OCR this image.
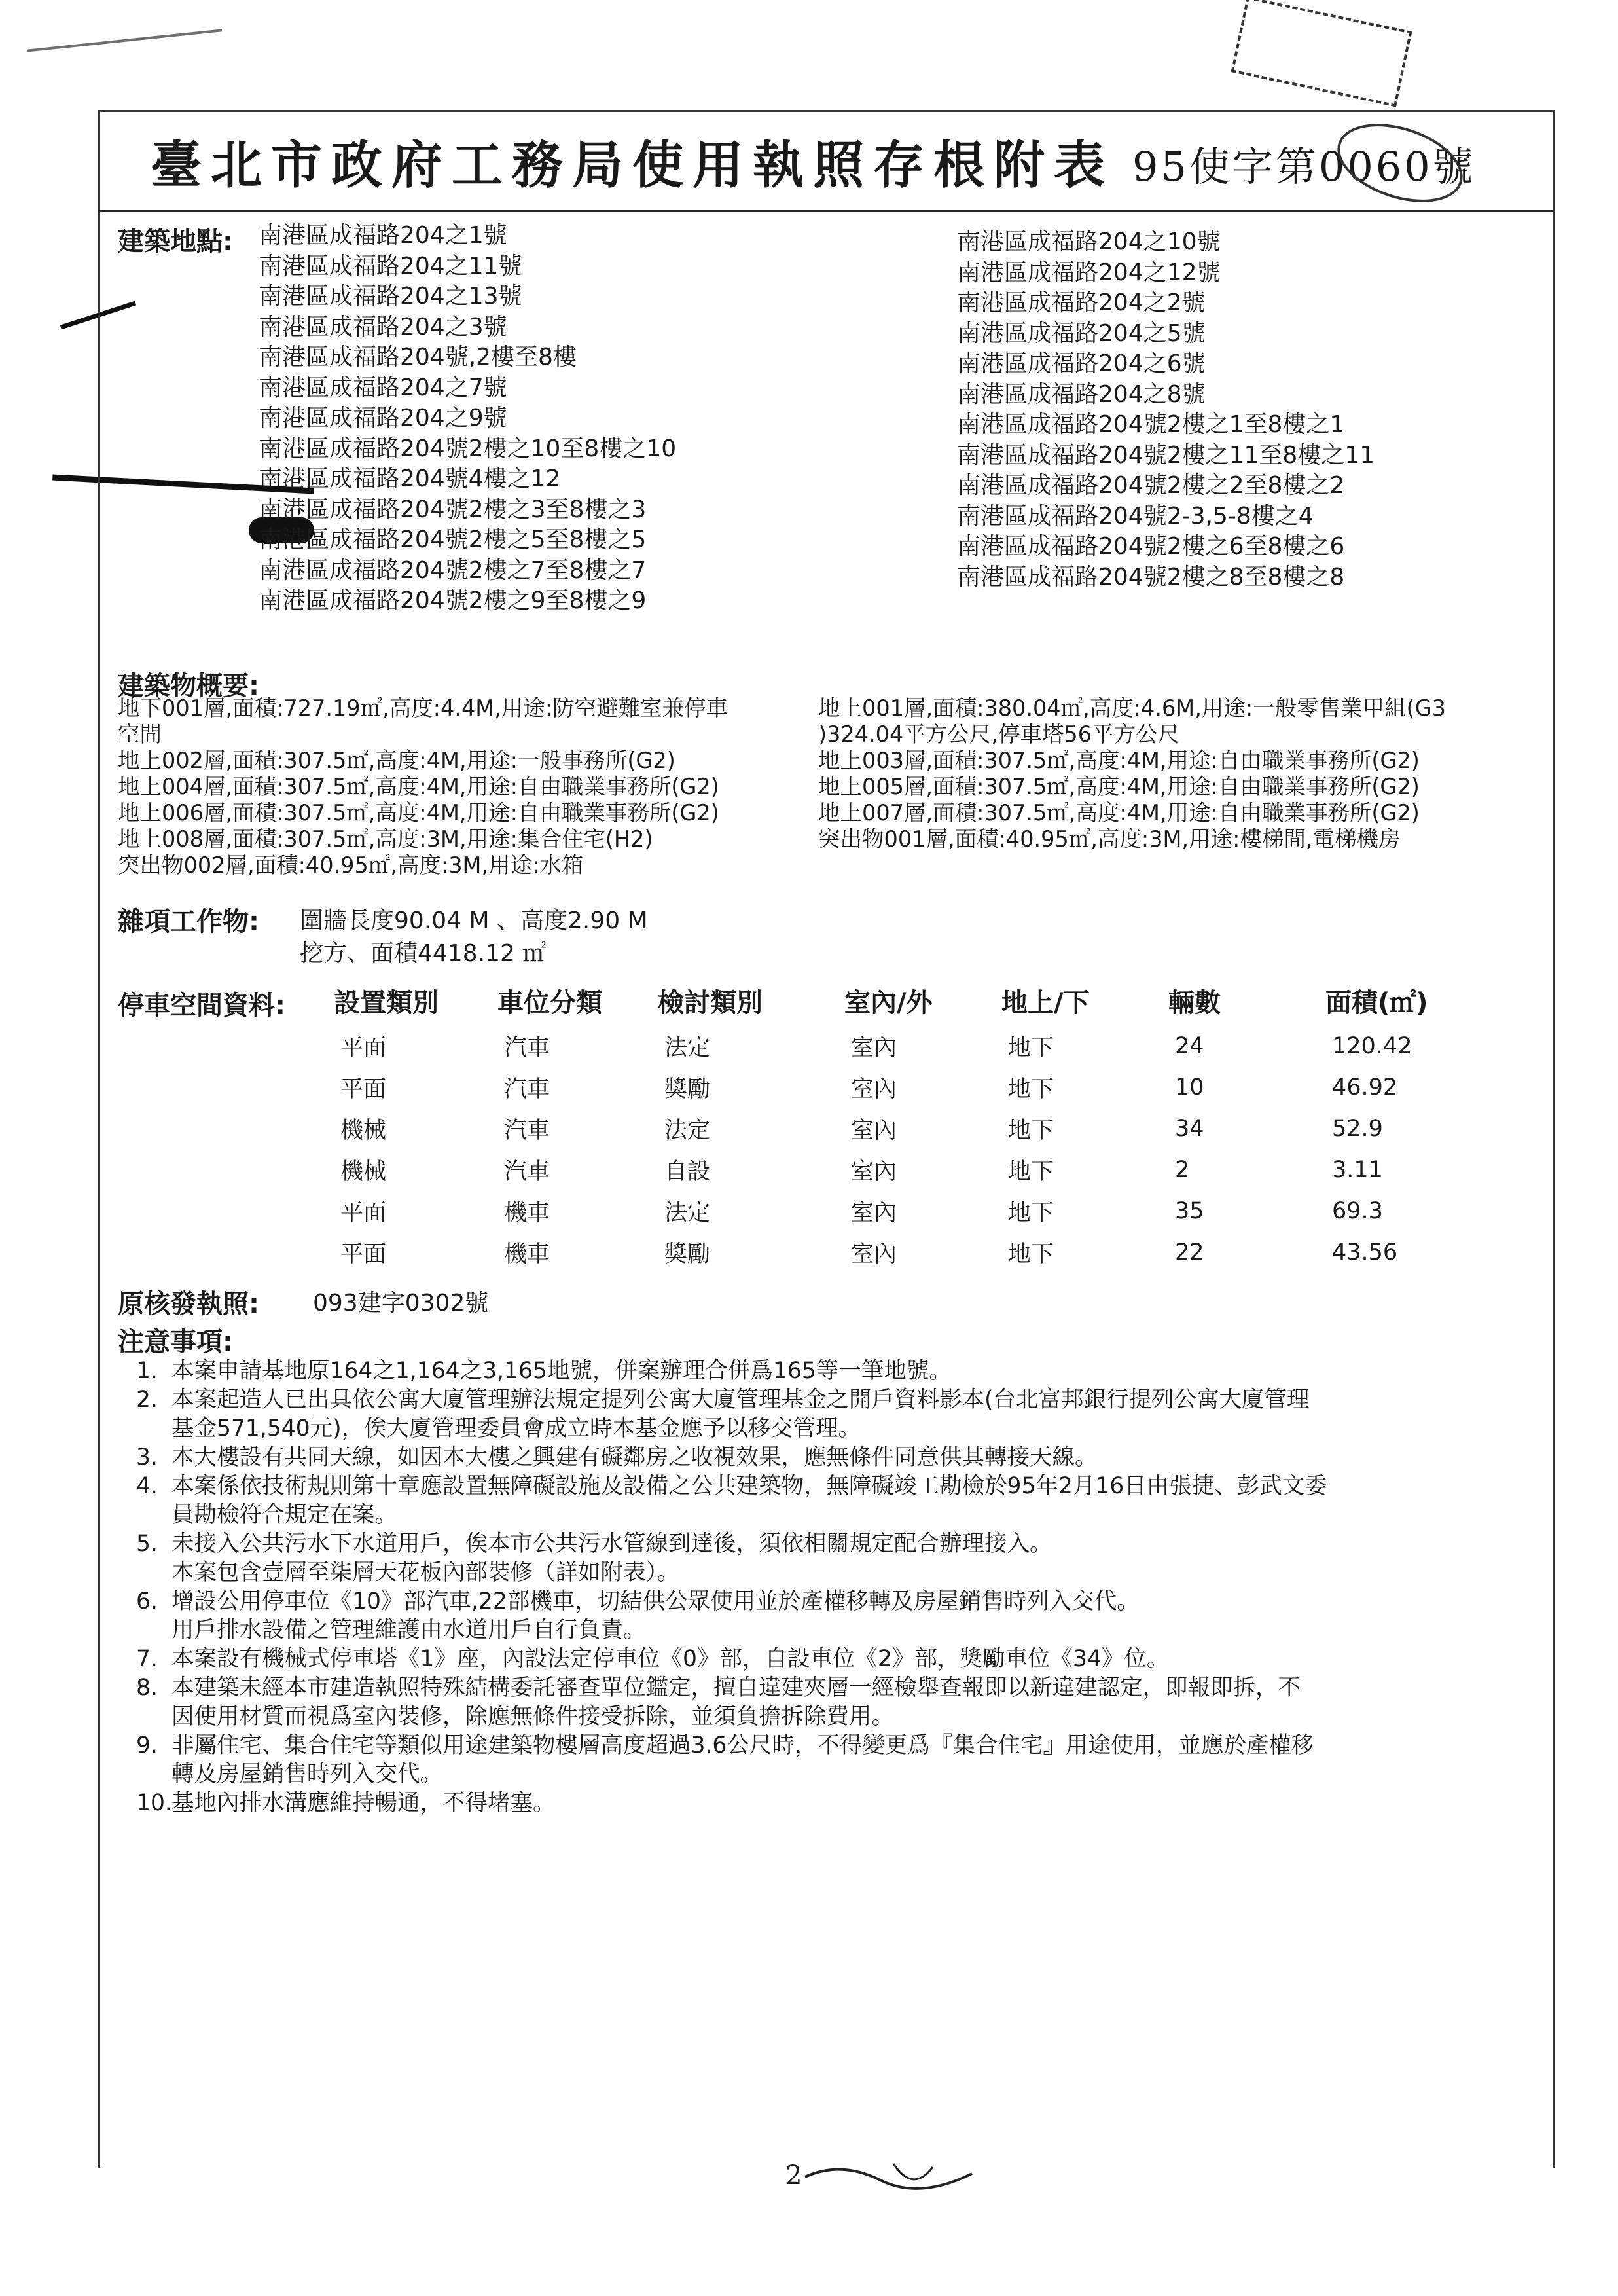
臺北市政府工務局使用執照存根附表 95使字第0060號
建築地點: 南港區成福路204之1號
南港區成福路204之11號
南港區成福路204之13號
南港區成福路204之3號
南港區成福路204號,2樓至8樓
南港區成福路204之7號
南港區成福路204之9號
南港區成福路204號2樓之10至8樓之10
南港區成福路204號4樓之12
南港區成福路204號2樓之3至8樓之3
南港區成福路204號2樓之5至8樓之5
南港區成福路204號2樓之7至8樓之7
南港區成福路204號2樓之9至8樓之9
南港區成福路204之10號
南港區成福路204之12號
南港區成福路204之2號
南港區成福路204之5號
南港區成福路204之6號
南港區成福路204之8號
南港區成福路204號2樓之1至8樓之1
南港區成福路204號2樓之11至8樓之11
南港區成福路204號2樓之2至8樓之2
南港區成福路204號2-3,5-8樓之4
南港區成福路204號2樓之6至8樓之6
南港區成福路204號2樓之8至8樓之8
建築物概要:
地下001層,面積:727.19㎡,高度:4.4M,用途:防空避難室兼停車
空間
地上002層,面積:307.5㎡,高度:4M,用途:一般事務所(G2)
地上004層,面積:307.5㎡,高度:4M,用途:自由職業事務所(G2)
地上006層,面積:307.5㎡,高度:4M,用途:自由職業事務所(G2)
地上008層,面積:307.5㎡,高度:3M,用途:集合住宅(H2)
突出物002層,面積:40.95㎡,高度:3M,用途:水箱
地上001層,面積:380.04㎡,高度:4.6M,用途:一般零售業甲組(G3
)324.04平方公尺,停車塔56平方公尺
地上003層,面積:307.5㎡,高度:4M,用途:自由職業事務所(G2)
地上005層,面積:307.5㎡,高度:4M,用途:自由職業事務所(G2)
地上007層,面積:307.5㎡,高度:4M,用途:自由職業事務所(G2)
突出物001層,面積:40.95㎡,高度:3M,用途:樓梯間,電梯機房
雜項工作物: 圍牆長度90.04 M 、高度2.90 M
挖方、面積4418.12 ㎡
停車空間資料: 設置類別	車位分類	檢討類別	室內/外	地上/下	輛數	面積(㎡)
平面	汽車	法定	室內	地下	24	120.42
平面	汽車	獎勵	室內	地下	10	46.92
機械	汽車	法定	室內	地下	34	52.9
機械	汽車	自設	室內	地下	2	3.11
平面	機車	法定	室內	地下	35	69.3
平面	機車	獎勵	室內	地下	22	43.56
原核發執照: 093建字0302號
注意事項:
1. 本案申請基地原164之1,164之3,165地號，併案辦理合併爲165等一筆地號。
2. 本案起造人已出具依公寓大廈管理辦法規定提列公寓大廈管理基金之開戶資料影本(台北富邦銀行提列公寓大廈管理
基金571,540元)，俟大廈管理委員會成立時本基金應予以移交管理。
3. 本大樓設有共同天線，如因本大樓之興建有礙鄰房之收視效果，應無條件同意供其轉接天線。
4. 本案係依技術規則第十章應設置無障礙設施及設備之公共建築物，無障礙竣工勘檢於95年2月16日由張捷、彭武文委
員勘檢符合規定在案。
5. 未接入公共污水下水道用戶，俟本市公共污水管線到達後，須依相關規定配合辦理接入。
本案包含壹層至柒層天花板內部裝修（詳如附表）。
6. 增設公用停車位《10》部汽車,22部機車，切結供公眾使用並於產權移轉及房屋銷售時列入交代。
用戶排水設備之管理維護由水道用戶自行負責。
7. 本案設有機械式停車塔《1》座，內設法定停車位《0》部，自設車位《2》部，獎勵車位《34》位。
8. 本建築未經本市建造執照特殊結構委託審查單位鑑定，擅自違建夾層一經檢舉查報即以新違建認定，即報即拆，不
因使用材質而視爲室內裝修，除應無條件接受拆除，並須負擔拆除費用。
9. 非屬住宅、集合住宅等類似用途建築物樓層高度超過3.6公尺時，不得變更爲『集合住宅』用途使用，並應於產權移
轉及房屋銷售時列入交代。
10. 基地內排水溝應維持暢通，不得堵塞。
2
